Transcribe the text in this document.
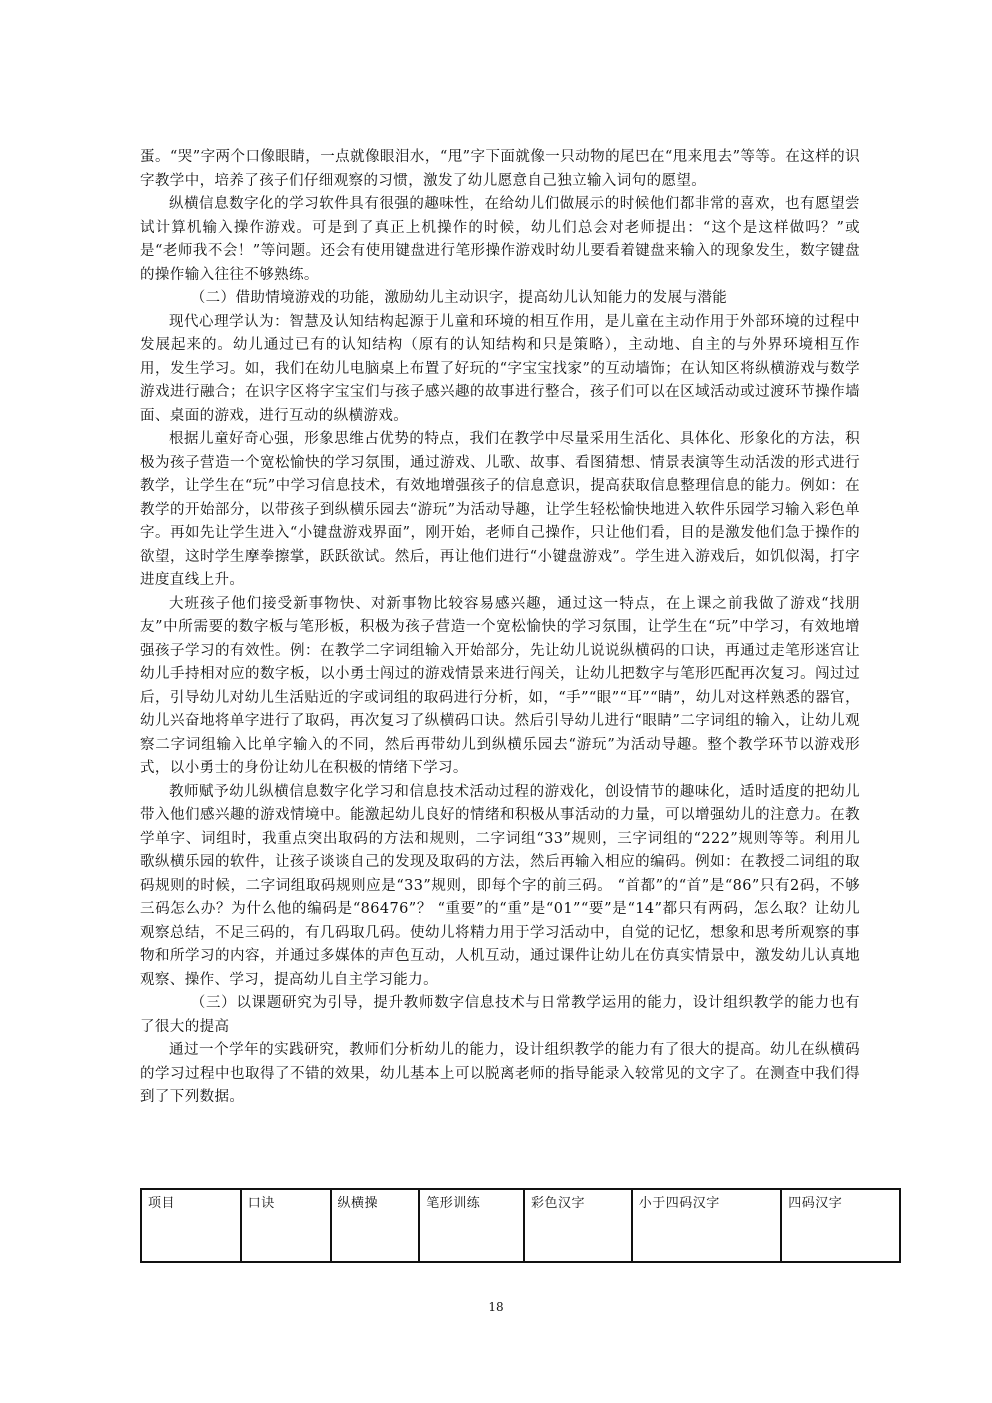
蛋。“哭”字两个口像眼睛，一点就像眼泪水，“甩”字下面就像一只动物的尾巴在“甩来甩去”等等。在这样的识字教学中，培养了孩子们仔细观察的习惯，激发了幼儿愿意自己独立输入词句的愿望。

纵横信息数字化的学习软件具有很强的趣味性，在给幼儿们做展示的时候他们都非常的喜欢，也有愿望尝试计算机输入操作游戏。可是到了真正上机操作的时候，幼儿们总会对老师提出：“这个是这样做吗？”或是“老师我不会！”等问题。还会有使用键盘进行笔形操作游戏时幼儿要看着键盘来输入的现象发生，数字键盘的操作输入往往不够熟练。

（二）借助情境游戏的功能，激励幼儿主动识字，提高幼儿认知能力的发展与潜能

现代心理学认为：智慧及认知结构起源于儿童和环境的相互作用，是儿童在主动作用于外部环境的过程中发展起来的。幼儿通过已有的认知结构（原有的认知结构和只是策略），主动地、自主的与外界环境相互作用，发生学习。如，我们在幼儿电脑桌上布置了好玩的“字宝宝找家”的互动墙饰；在认知区将纵横游戏与数学游戏进行融合；在识字区将字宝宝们与孩子感兴趣的故事进行整合，孩子们可以在区域活动或过渡环节操作墙面、桌面的游戏，进行互动的纵横游戏。

根据儿童好奇心强，形象思维占优势的特点，我们在教学中尽量采用生活化、具体化、形象化的方法，积极为孩子营造一个宽松愉快的学习氛围，通过游戏、儿歌、故事、看图猜想、情景表演等生动活泼的形式进行教学，让学生在“玩”中学习信息技术，有效地增强孩子的信息意识，提高获取信息整理信息的能力。例如：在教学的开始部分，以带孩子到纵横乐园去“游玩”为活动导趣，让学生轻松愉快地进入软件乐园学习输入彩色单字。再如先让学生进入“小键盘游戏界面”，刚开始，老师自己操作，只让他们看，目的是激发他们急于操作的欲望，这时学生摩拳擦掌，跃跃欲试。然后，再让他们进行“小键盘游戏”。学生进入游戏后，如饥似渴，打字进度直线上升。

大班孩子他们接受新事物快、对新事物比较容易感兴趣，通过这一特点，在上课之前我做了游戏“找朋友”中所需要的数字板与笔形板，积极为孩子营造一个宽松愉快的学习氛围，让学生在“玩”中学习，有效地增强孩子学习的有效性。例：在教学二字词组输入开始部分，先让幼儿说说纵横码的口诀，再通过走笔形迷宫让幼儿手持相对应的数字板，以小勇士闯过的游戏情景来进行闯关，让幼儿把数字与笔形匹配再次复习。闯过过后，引导幼儿对幼儿生活贴近的字或词组的取码进行分析，如，“手”“眼”“耳”“睛”，幼儿对这样熟悉的器官，幼儿兴奋地将单字进行了取码，再次复习了纵横码口诀。然后引导幼儿进行“眼睛”二字词组的输入，让幼儿观察二字词组输入比单字输入的不同，然后再带幼儿到纵横乐园去“游玩”为活动导趣。整个教学环节以游戏形式，以小勇士的身份让幼儿在积极的情绪下学习。

教师赋予幼儿纵横信息数字化学习和信息技术活动过程的游戏化，创设情节的趣味化，适时适度的把幼儿带入他们感兴趣的游戏情境中。能激起幼儿良好的情绪和积极从事活动的力量，可以增强幼儿的注意力。在教学单字、词组时，我重点突出取码的方法和规则，二字词组“33”规则，三字词组的“222”规则等等。利用儿歌纵横乐园的软件，让孩子谈谈自己的发现及取码的方法，然后再输入相应的编码。例如：在教授二词组的取码规则的时候，二字词组取码规则应是“33”规则，即每个字的前三码。 “首都”的“首”是“86”只有2码，不够三码怎么办？为什么他的编码是“86476”？ “重要”的“重”是“01”“要”是“14”都只有两码，怎么取？让幼儿观察总结，不足三码的，有几码取几码。使幼儿将精力用于学习活动中，自觉的记忆，想象和思考所观察的事物和所学习的内容，并通过多媒体的声色互动，人机互动，通过课件让幼儿在仿真实情景中，激发幼儿认真地观察、操作、学习，提高幼儿自主学习能力。

（三）以课题研究为引导，提升教师数字信息技术与日常教学运用的能力，设计组织教学的能力也有了很大的提高

通过一个学年的实践研究，教师们分析幼儿的能力，设计组织教学的能力有了很大的提高。幼儿在纵横码的学习过程中也取得了不错的效果，幼儿基本上可以脱离老师的指导能录入较常见的文字了。在测查中我们得到了下列数据。

项目	口诀	纵横操	笔形训练	彩色汉字	小于四码汉字	四码汉字
18
